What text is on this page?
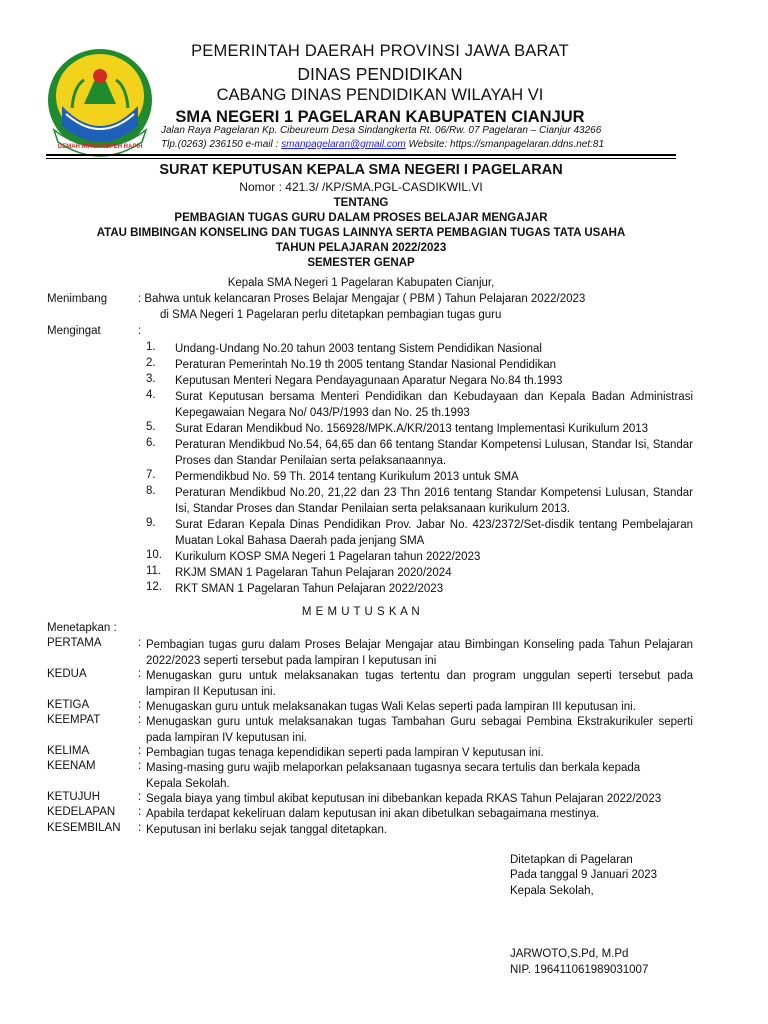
GEMAH RIPAH REPEH RAPIH
PEMERINTAH DAERAH PROVINSI JAWA BARAT
DINAS PENDIDIKAN
CABANG DINAS PENDIDIKAN WILAYAH VI
SMA NEGERI 1 PAGELARAN KABUPATEN CIANJUR
Jalan Raya Pagelaran Kp. Cibeureum Desa Sindangkerta Rt. 06/Rw. 07 Pagelaran – Cianjur 43266
Tlp.(0263) 236150 e-mail : smanpagelaran@gmail.com Website: https://smanpagelaran.ddns.net:81
SURAT KEPUTUSAN KEPALA SMA NEGERI I PAGELARAN
Nomor : 421.3/ /KP/SMA.PGL-CASDIKWIL.VI
TENTANG
PEMBAGIAN TUGAS GURU DALAM PROSES BELAJAR MENGAJAR
ATAU BIMBINGAN KONSELING DAN TUGAS LAINNYA SERTA PEMBAGIAN TUGAS TATA USAHA
TAHUN PELAJARAN 2022/2023
SEMESTER GENAP
Kepala SMA Negeri 1 Pagelaran Kabupaten Cianjur,
Menimbang	: Bahwa untuk kelancaran Proses Belajar Mengajar ( PBM ) Tahun Pelajaran 2022/2023
di SMA Negeri 1 Pagelaran perlu ditetapkan pembagian tugas guru
Mengingat	:
1. Undang-Undang No.20 tahun 2003 tentang Sistem Pendidikan Nasional
2. Peraturan Pemerintah No.19 th 2005 tentang Standar Nasional Pendidikan
3. Keputusan Menteri Negara Pendayagunaan Aparatur Negara No.84 th.1993
4. Surat Keputusan bersama Menteri Pendidikan dan Kebudayaan dan Kepala Badan Administrasi Kepegawaian Negara No/ 043/P/1993 dan No. 25 th.1993
5. Surat Edaran Mendikbud No. 156928/MPK.A/KR/2013 tentang Implementasi Kurikulum 2013
6. Peraturan Mendikbud No.54, 64,65 dan 66 tentang Standar Kompetensi Lulusan, Standar Isi, Standar Proses dan Standar Penilaian serta pelaksanaannya.
7. Permendikbud No. 59 Th. 2014 tentang Kurikulum 2013 untuk SMA
8. Peraturan Mendikbud No.20, 21,22 dan 23 Thn 2016 tentang Standar Kompetensi Lulusan, Standar Isi, Standar Proses dan Standar Penilaian serta pelaksanaan kurikulum 2013.
9. Surat Edaran Kepala Dinas Pendidikan Prov. Jabar No. 423/2372/Set-disdik tentang Pembelajaran Muatan Lokal Bahasa Daerah pada jenjang SMA
10. Kurikulum KOSP SMA Negeri 1 Pagelaran tahun 2022/2023
11. RKJM SMAN 1 Pagelaran Tahun Pelajaran 2020/2024
12. RKT SMAN 1 Pagelaran Tahun Pelajaran 2022/2023
M E M U T U S K A N
Menetapkan :
PERTAMA	: Pembagian tugas guru dalam Proses Belajar Mengajar atau Bimbingan Konseling pada Tahun Pelajaran 2022/2023 seperti tersebut pada lampiran I keputusan ini
KEDUA	: Menugaskan guru untuk melaksanakan tugas tertentu dan program unggulan seperti tersebut pada lampiran II Keputusan ini.
KETIGA	: Menugaskan guru untuk melaksanakan tugas Wali Kelas seperti pada lampiran III keputusan ini.
KEEMPAT	: Menugaskan guru untuk melaksanakan tugas Tambahan Guru sebagai Pembina Ekstrakurikuler seperti pada lampiran IV keputusan ini.
KELIMA	: Pembagian tugas tenaga kependidikan seperti pada lampiran V keputusan ini.
KEENAM	: Masing-masing guru wajib melaporkan pelaksanaan tugasnya secara tertulis dan berkala kepada Kepala Sekolah.
KETUJUH	: Segala biaya yang timbul akibat keputusan ini dibebankan kepada RKAS Tahun Pelajaran 2022/2023
KEDELAPAN : Apabila terdapat kekeliruan dalam keputusan ini akan dibetulkan sebagaimana mestinya.
KESEMBILAN : Keputusan ini berlaku sejak tanggal ditetapkan.
Ditetapkan di Pagelaran
Pada tanggal 9 Januari 2023
Kepala Sekolah,
JARWOTO,S.Pd, M.Pd
NIP. 196411061989031007
